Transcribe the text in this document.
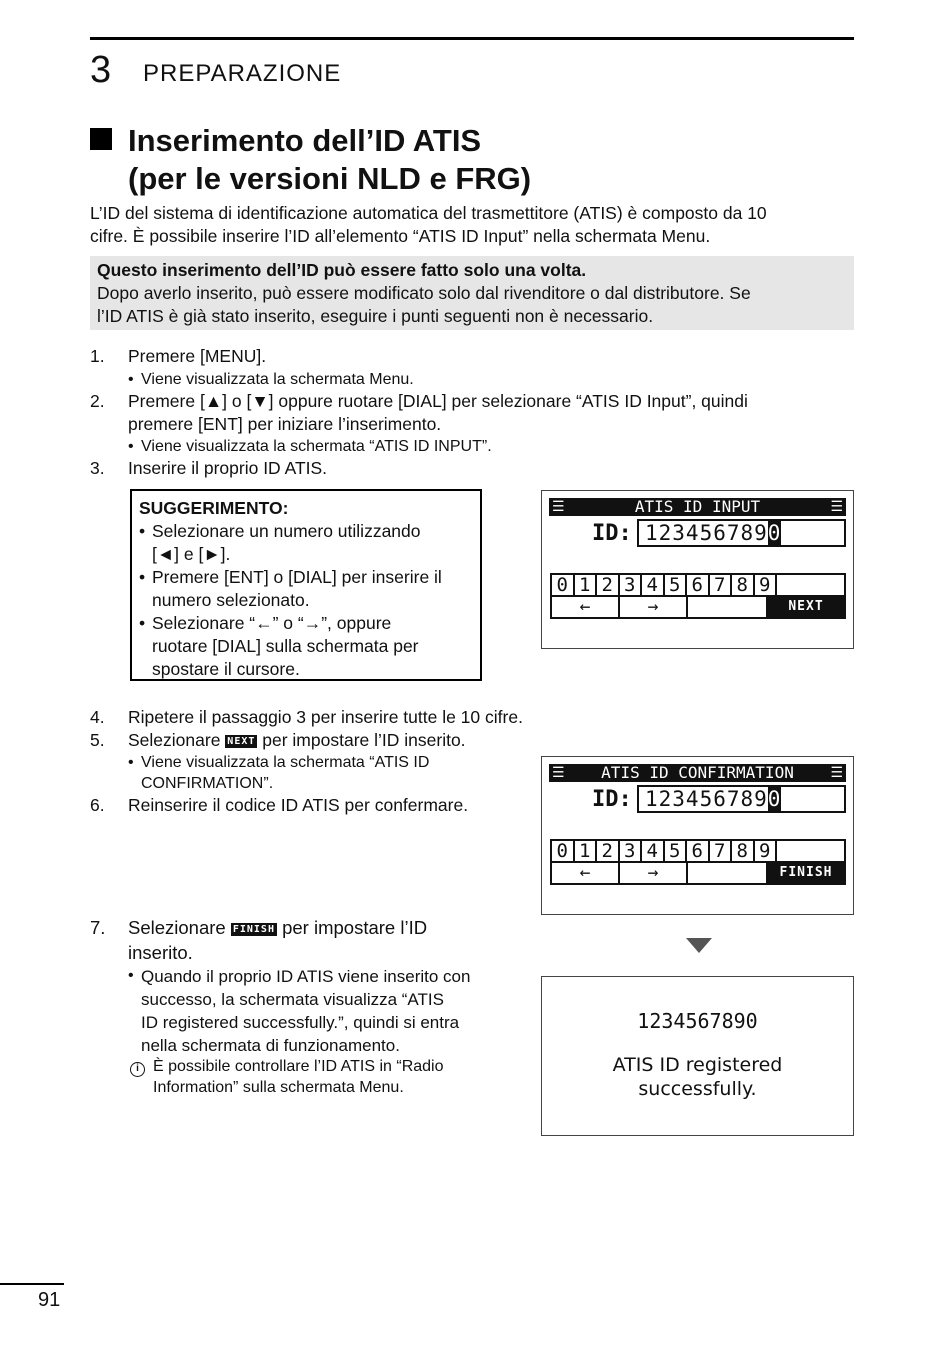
3 PREPARAZIONE
Inserimento dell’ID ATIS
(per le versioni NLD e FRG)
L’ID del sistema di identificazione automatica del trasmettitore (ATIS) è composto da 10
cifre. È possibile inserire l’ID all’elemento “ATIS ID Input” nella schermata Menu.
Questo inserimento dell’ID può essere fatto solo una volta.
Dopo averlo inserito, può essere modificato solo dal rivenditore o dal distributore. Se
l’ID ATIS è già stato inserito, eseguire i punti seguenti non è necessario.
1. Premere [MENU].
• Viene visualizzata la schermata Menu.
2. Premere [▲] o [▼] oppure ruotare [DIAL] per selezionare “ATIS ID Input”, quindi
premere [ENT] per iniziare l’inserimento.
• Viene visualizzata la schermata “ATIS ID INPUT”.
3. Inserire il proprio ID ATIS.
SUGGERIMENTO:
• Selezionare un numero utilizzando
[◄] e [►].
• Premere [ENT] o [DIAL] per inserire il
numero selezionato.
• Selezionare “←” o “→”, oppure
ruotare [DIAL] sulla schermata per
spostare il cursore.
☰	ATIS ID INPUT	☰
ID: 1234567890
0 1 2 3 4 5 6 7 8 9
←	→	NEXT
4. Ripetere il passaggio 3 per inserire tutte le 10 cifre.
5. Selezionare NEXT per impostare l’ID inserito.
• Viene visualizzata la schermata “ATIS ID
CONFIRMATION”.
6. Reinserire il codice ID ATIS per confermare.
☰	ATIS ID CONFIRMATION	☰
ID: 1234567890
0 1 2 3 4 5 6 7 8 9
←	→	FINISH
7. Selezionare FINISH per impostare l’ID
inserito.
• Quando il proprio ID ATIS viene inserito con
successo, la schermata visualizza “ATIS
ID registered successfully.”, quindi si entra
nella schermata di funzionamento.
i È possibile controllare l’ID ATIS in “Radio
Information” sulla schermata Menu.
1234567890
ATIS ID registered
successfully.
91
